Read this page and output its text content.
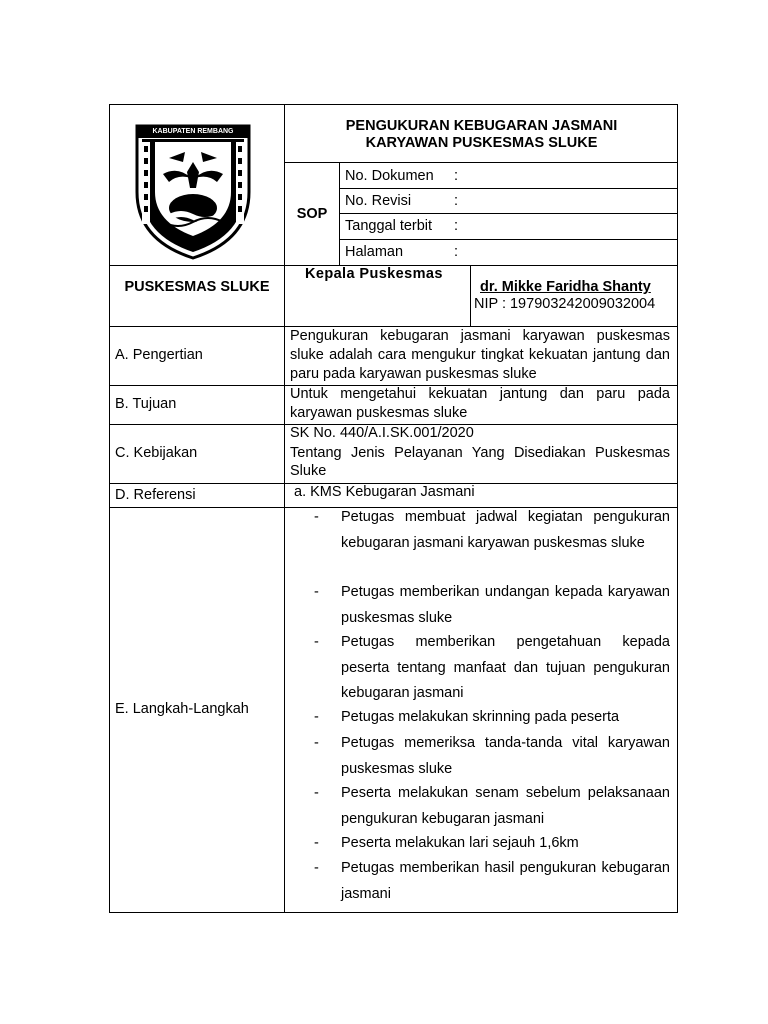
KABUPATEN REMBANG	PENGUKURAN KEBUGARAN JASMANI
KARYAWAN PUSKESMAS SLUKE
SOP
No. Dokumen :
No. Revisi	:
Tanggal terbit :
Halaman	:
PUSKESMAS SLUKE
Kepala Puskesmas
dr. Mikke Faridha Shanty
NIP : 197903242009032004
A. Pengertian
Pengukuran kebugaran jasmani karyawan puskesmas sluke adalah cara mengukur tingkat kekuatan jantung dan paru pada karyawan puskesmas sluke
B. Tujuan
Untuk mengetahui kekuatan jantung dan paru pada karyawan puskesmas sluke
C. Kebijakan
SK No. 440/A.I.SK.001/2020
Tentang Jenis Pelayanan Yang Disediakan Puskesmas Sluke
D. Referensi	a. KMS Kebugaran Jasmani
E. Langkah-Langkah
-	Petugas membuat jadwal kegiatan pengukuran kebugaran jasmani karyawan puskesmas sluke
-	Petugas memberikan undangan kepada karyawan puskesmas sluke
-	Petugas memberikan pengetahuan kepada peserta tentang manfaat dan tujuan pengukuran kebugaran jasmani
-	Petugas melakukan skrinning pada peserta
-	Petugas memeriksa tanda-tanda vital karyawan puskesmas sluke
-	Peserta melakukan senam sebelum pelaksanaan pengukuran kebugaran jasmani
-	Peserta melakukan lari sejauh 1,6km
-	Petugas memberikan hasil pengukuran kebugaran jasmani
